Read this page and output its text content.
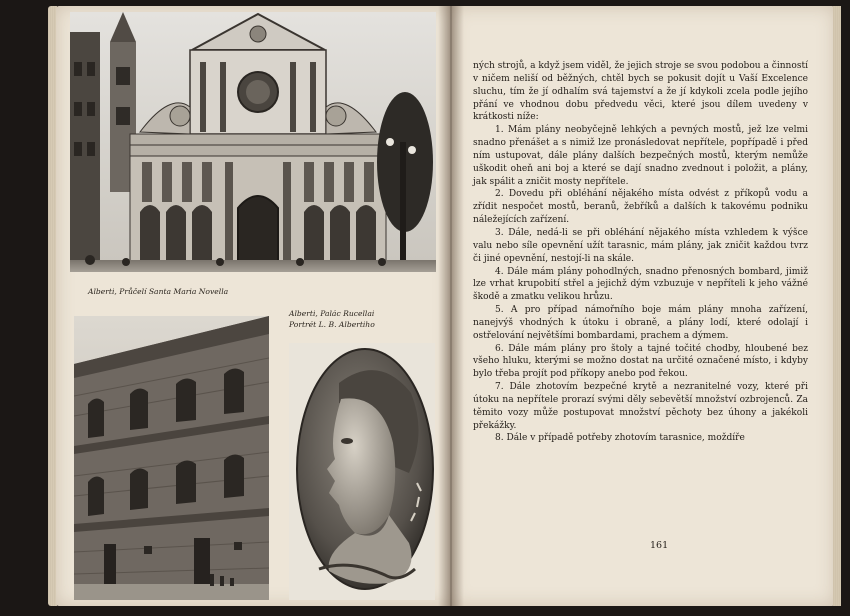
Alberti, Průčelí Santa Maria Novella
Alberti, Palác Rucellai
Portrét L. B. Albertiho

ných strojů, a když jsem viděl, že jejich stroje se svou podobou a činností v ničem neliší od běžných, chtěl bych se pokusit dojít u Vaší Excelence sluchu, tím že jí odhalím svá tajemství a že jí kdykoli zcela podle jejího přání ve vhodnou dobu předvedu věci, které jsou dílem uvedeny v krátkosti níže:

1. Mám plány neobyčejně lehkých a pevných mostů, jež lze velmi snadno přenášet a s nimiž lze pronásledovat nepřítele, popřípadě i před ním ustupovat, dále plány dalších bezpečných mostů, kterým nemůže uškodit oheň ani boj a které se dají snadno zvednout i položit, a plány, jak spálit a zničit mosty nepřítele.

2. Dovedu při obléhání nějakého místa odvést z příkopů vodu a zřídit nespočet mostů, beranů, žebříků a dalších k takovému podniku náležejících zařízení.

3. Dále, nedá-li se při obléhání nějakého místa vzhledem k výšce valu nebo síle opevnění užít tarasnic, mám plány, jak zničit každou tvrz či jiné opevnění, nestojí-li na skále.

4. Dále mám plány pohodlných, snadno přenosných bombard, jimiž lze vrhat krupobití střel a jejichž dým vzbuzuje v nepříteli k jeho vážné škodě a zmatku velikou hrůzu.

5. A pro případ námořního boje mám plány mnoha zařízení, nanejvýš vhodných k útoku i obraně, a plány lodí, které odolají i ostřelování největšími bombardami, prachem a dýmem.

6. Dále mám plány pro štoly a tajné točité chodby, hloubené bez všeho hluku, kterými se možno dostat na určité označené místo, i kdyby bylo třeba projít pod příkopy anebo pod řekou.

7. Dále zhotovím bezpečné krytě a nezranitelné vozy, které při útoku na nepřítele prorazí svými děly sebevětší množství ozbrojenců. Za těmito vozy může postupovat množství pěchoty bez úhony a jakékoli překážky.

8. Dále v případě potřeby zhotovím tarasnice, moždíře

161
